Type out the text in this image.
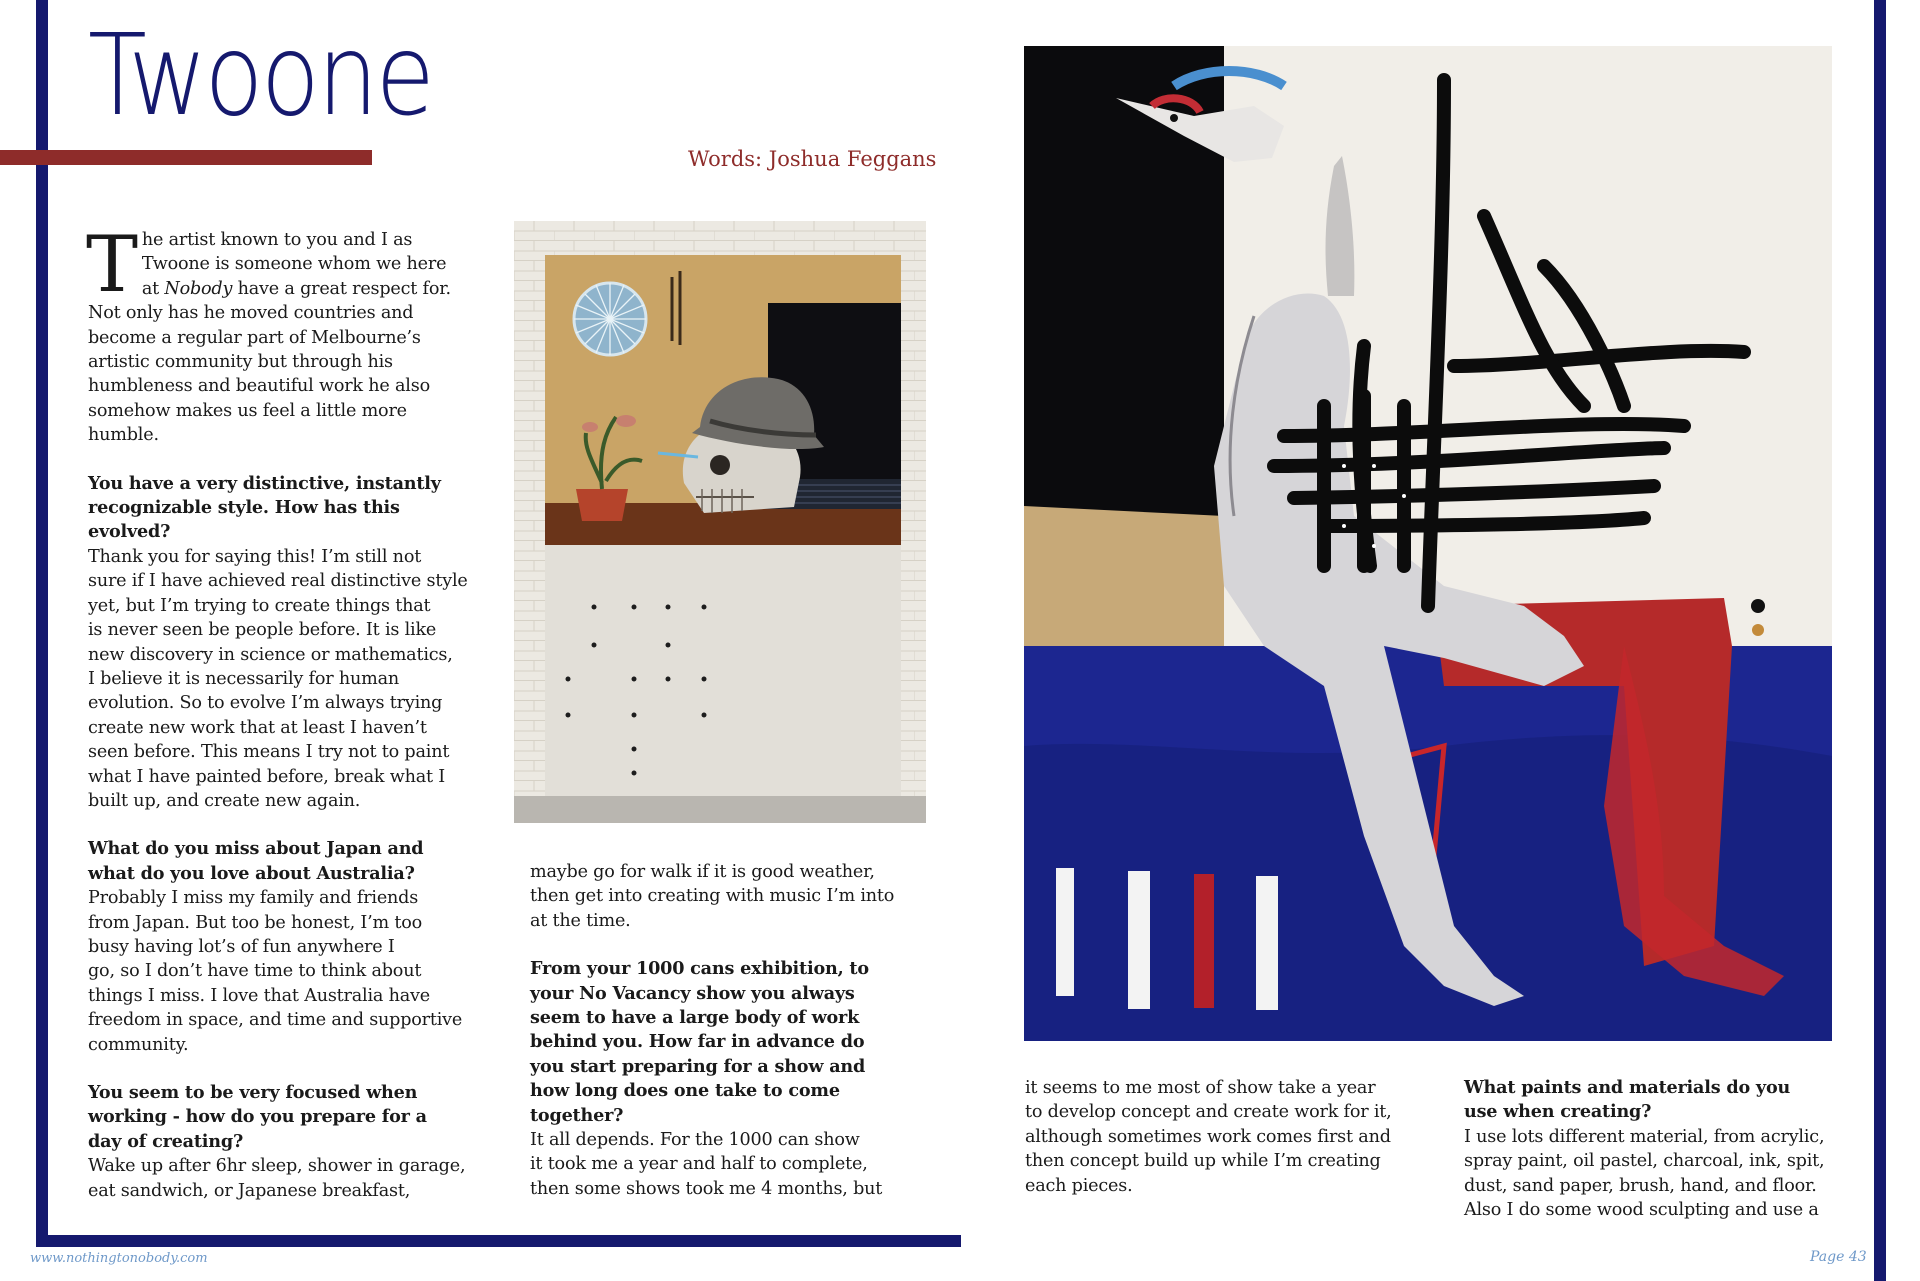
Twoone
Words: Joshua Feggans
T he artist known to you and I as

Twoone is someone whom we here

at Nobody have a great respect for.

Not only has he moved countries and

become a regular part of Melbourne’s

artistic community but through his

humbleness and beautiful work he also

somehow makes us feel a little more

humble.

You have a very distinctive, instantly

recognizable style. How has this

evolved?

Thank you for saying this! I’m still not

sure if I have achieved real distinctive style

yet, but I’m trying to create things that

is never seen be people before. It is like

new discovery in science or mathematics,

I believe it is necessarily for human

evolution. So to evolve I’m always trying

create new work that at least I haven’t

seen before. This means I try not to paint

what I have painted before, break what I

built up, and create new again.

What do you miss about Japan and

what do you love about Australia?

Probably I miss my family and friends

from Japan. But too be honest, I’m too

busy having lot’s of fun anywhere I

go, so I don’t have time to think about

things I miss. I love that Australia have

freedom in space, and time and supportive

community.

You seem to be very focused when

working - how do you prepare for a

day of creating?

Wake up after 6hr sleep, shower in garage,

eat sandwich, or Japanese breakfast,

maybe go for walk if it is good weather,

then get into creating with music I’m into

at the time.

From your 1000 cans exhibition, to

your No Vacancy show you always

seem to have a large body of work

behind you. How far in advance do

you start preparing for a show and

how long does one take to come

together?

It all depends. For the 1000 can show

it took me a year and half to complete,

then some shows took me 4 months, but

it seems to me most of show take a year

to develop concept and create work for it,

although sometimes work comes first and

then concept build up while I’m creating

each pieces.

What paints and materials do you

use when creating?

I use lots different material, from acrylic,

spray paint, oil pastel, charcoal, ink, spit,

dust, sand paper, brush, hand, and floor.

Also I do some wood sculpting and use a

www.nothingtonobody.com	Page 43
